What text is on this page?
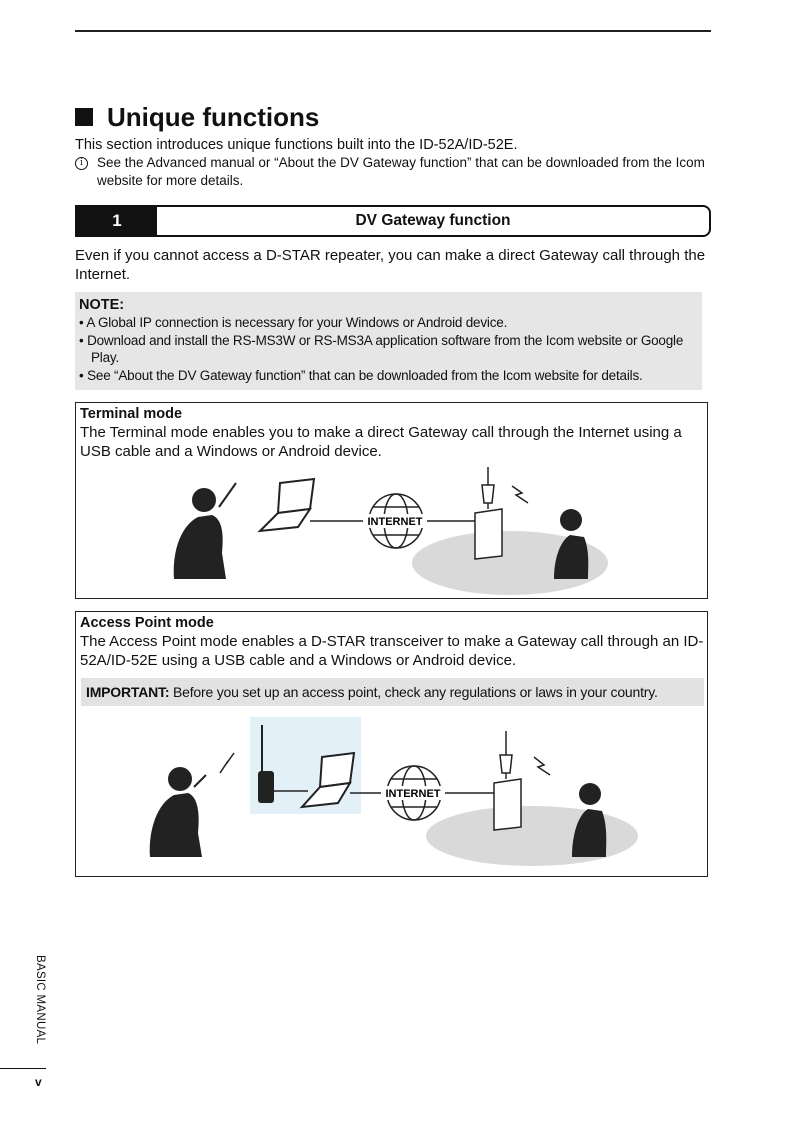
Unique functions

This section introduces unique functions built into the ID-52A/ID-52E.

i	See the Advanced manual or “About the DV Gateway function” that can be downloaded from the Icom website for more details.
1	DV Gateway function

Even if you cannot access a D-STAR repeater, you can make a direct Gateway call through the Internet.

NOTE:
• A Global IP connection is necessary for your Windows or Android device.
• Download and install the RS-MS3W or RS-MS3A application software from the Icom website or Google Play.
• See “About the DV Gateway function” that can be downloaded from the Icom website for details.
Terminal mode

The Terminal mode enables you to make a direct Gateway call through the Internet using a USB cable and a Windows or Android device.

INTERNET
Access Point mode

The Access Point mode enables a D-STAR transceiver to make a Gateway call through an ID-52A/ID-52E using a USB cable and a Windows or Android device.

IMPORTANT: Before you set up an access point, check any regulations or laws in your country.
INTERNET
BASIC MANUAL
v
